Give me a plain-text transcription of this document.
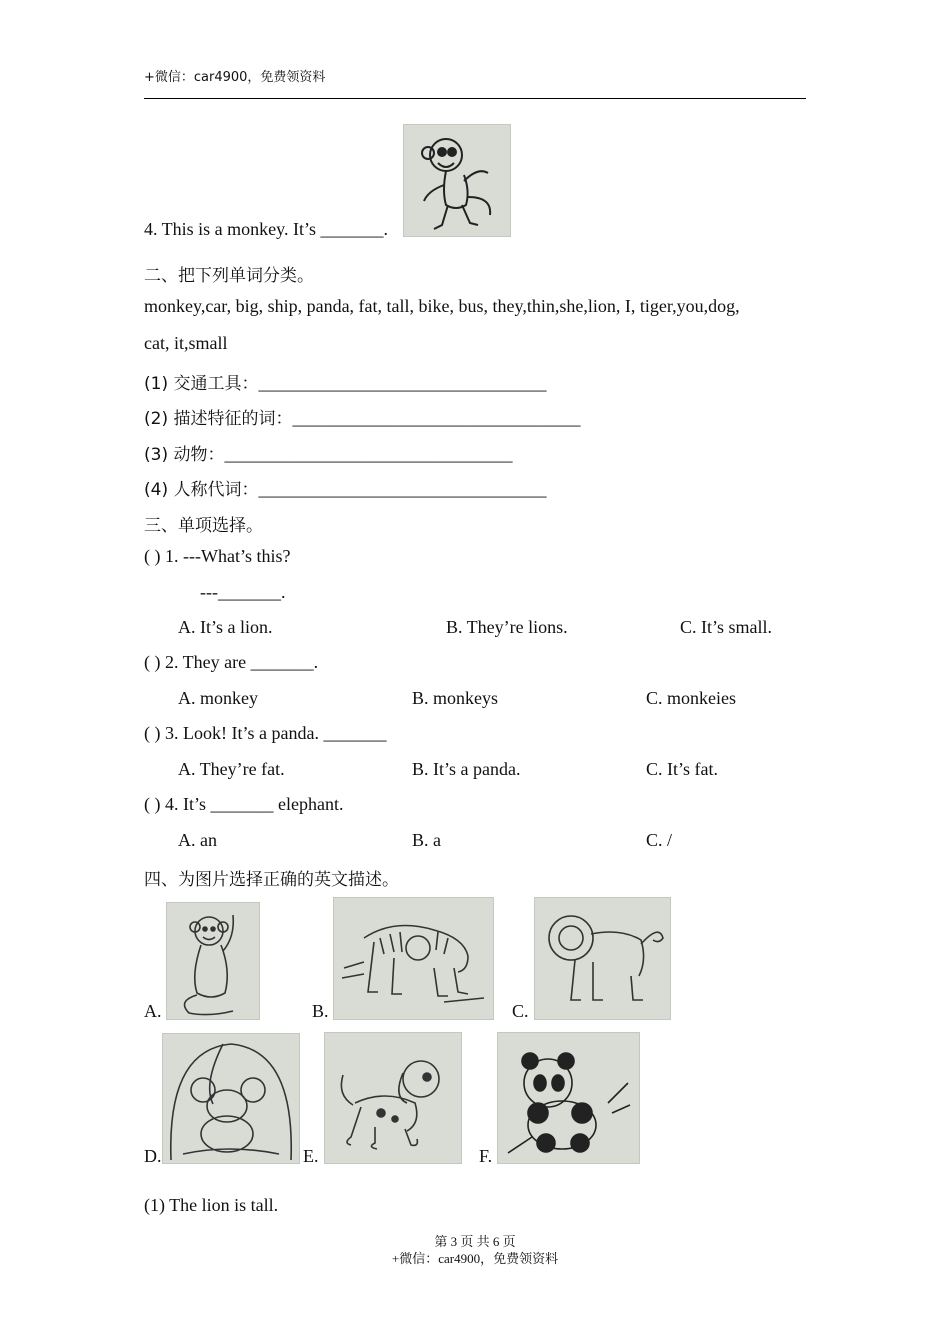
+微信：car4900，免费领资料
4. This is a monkey. It’s _______.
二、把下列单词分类。
monkey,car, big, ship, panda, fat, tall, bike, bus, they,thin,she,lion, I, tiger,you,dog,
cat, it,small
(1) 交通工具：________________________________
(2) 描述特征的词：________________________________
(3) 动物：________________________________
(4) 人称代词：________________________________
三、单项选择。
( ) 1. ---What’s this?
---_______.
A. It’s a lion.	B. They’re lions.	C. It’s small.
( ) 2. They are _______.
A. monkey	B. monkeys	C. monkeies
( ) 3. Look! It’s a panda. _______
A. They’re fat.	B. It’s a panda.	C. It’s fat.
( ) 4. It’s _______ elephant.
A. an	B. a	C. /
四、为图片选择正确的英文描述。
A.	B.	C.
D.	E.	F.
(1) The lion is tall.
第 3 页 共 6 页
+微信：car4900，免费领资料
